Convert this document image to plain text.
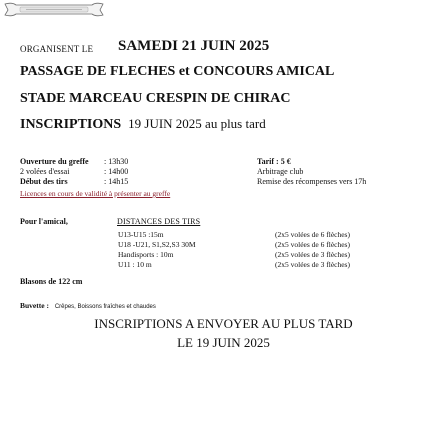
ORGANISENT LE SAMEDI 21 JUIN 2025
PASSAGE DE FLECHES et CONCOURS AMICAL
STADE MARCEAU CRESPIN DE CHIRAC
INSCRIPTIONS 19 JUIN 2025 au plus tard
Ouverture du greffe : 13h30
2 volées d'essai	: 14h00
Début des tirs	: 14h15
Tarif : 5 €
Arbitrage club
Remise des récompenses vers 17h
Licences en cours de validité à présenter au greffe
Pour l'amical,	DISTANCES DES TIRS
U13-U15 :15m	(2x5 volées de 6 flèches)
U18 -U21, S1,S2,S3 30M	(2x5 volées de 6 flèches)
Handisports : 10m	(2x5 volées de 3 flèches)
U11 : 10 m	(2x5 volées de 3 flèches)
Blasons de 122 cm
Buvette : Crêpes, Boissons fraîches et chaudes
INSCRIPTIONS A ENVOYER AU PLUS TARD
LE 19 JUIN 2025
